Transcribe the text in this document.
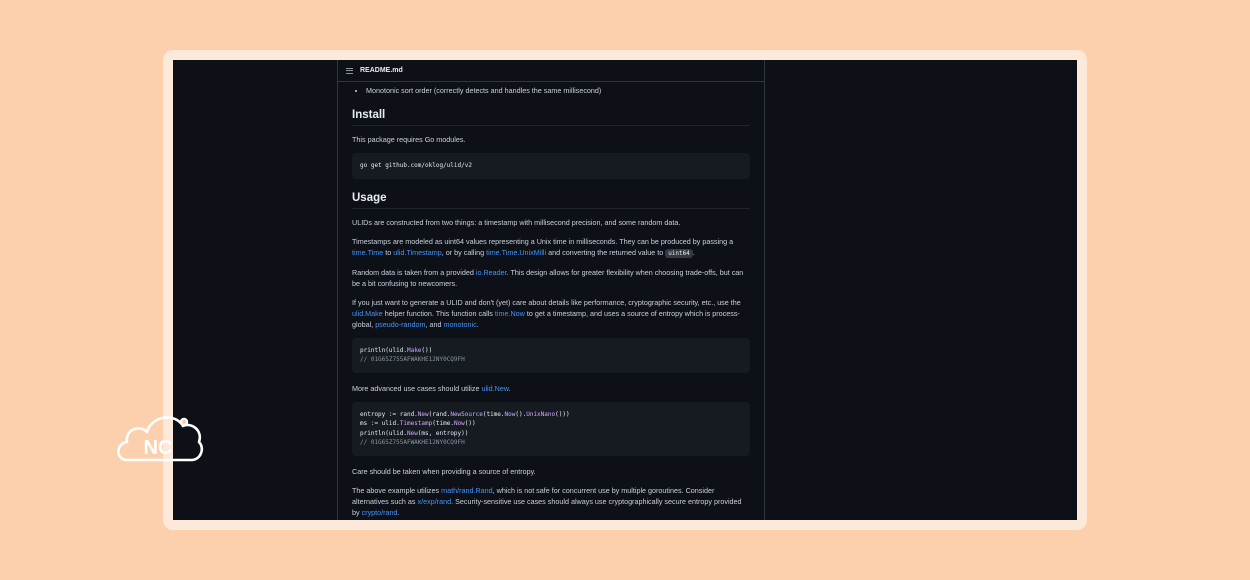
README.md
• Monotonic sort order (correctly detects and handles the same millisecond)
Install

This package requires Go modules.

go get github.com/oklog/ulid/v2
Usage

ULIDs are constructed from two things: a timestamp with millisecond precision, and some random data.

Timestamps are modeled as uint64 values representing a Unix time in milliseconds. They can be produced by passing a time.Time to ulid.Timestamp, or by calling time.Time.UnixMilli and converting the returned value to uint64 .

Random data is taken from a provided io.Reader. This design allows for greater flexibility when choosing trade-offs, but can be a bit confusing to newcomers.

If you just want to generate a ULID and don't (yet) care about details like performance, cryptographic security, etc., use the ulid.Make helper function. This function calls time.Now to get a timestamp, and uses a source of entropy which is process-global, pseudo-random, and monotonic.

println(ulid.Make())
// 01G65Z755AFWAKHE12NY0CQ9FH

More advanced use cases should utilize ulid.New.

entropy := rand.New(rand.NewSource(time.Now().UnixNano()))
ms := ulid.Timestamp(time.Now())
println(ulid.New(ms, entropy))
// 01G65Z755AFWAKHE12NY0CQ9FH

Care should be taken when providing a source of entropy.

The above example utilizes math/rand.Rand, which is not safe for concurrent use by multiple goroutines. Consider alternatives such as x/exp/rand. Security-sensitive use cases should always use cryptographically secure entropy provided by crypto/rand.

NC
